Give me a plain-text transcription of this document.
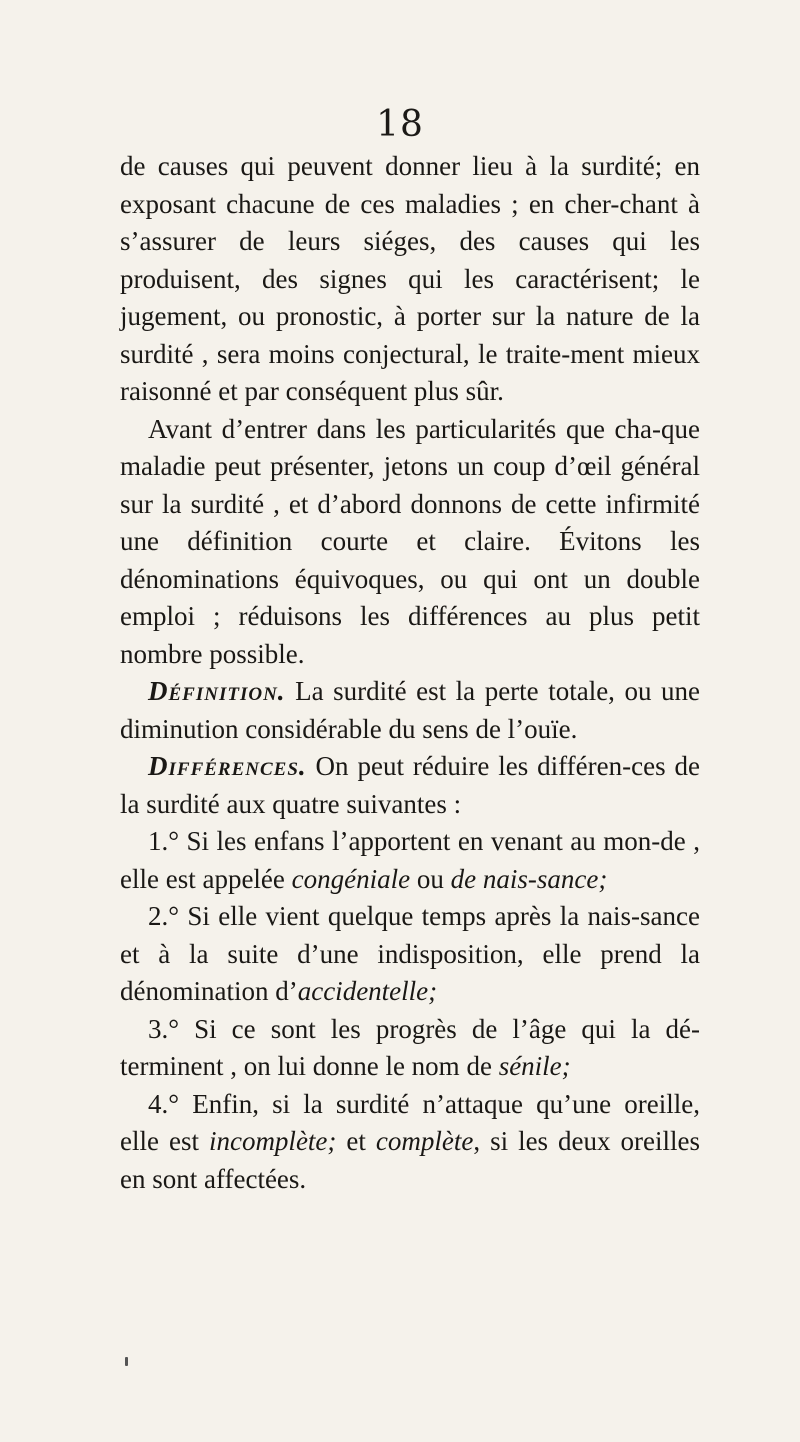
18

de causes qui peuvent donner lieu à la surdité; en exposant chacune de ces maladies ; en cher-chant à s’assurer de leurs siéges, des causes qui les produisent, des signes qui les caractérisent; le jugement, ou pronostic, à porter sur la nature de la surdité , sera moins conjectural, le traite-ment mieux raisonné et par conséquent plus sûr.

Avant d’entrer dans les particularités que cha-que maladie peut présenter, jetons un coup d’œil général sur la surdité , et d’abord donnons de cette infirmité une définition courte et claire. Évitons les dénominations équivoques, ou qui ont un double emploi ; réduisons les différences au plus petit nombre possible.

Définition. La surdité est la perte totale, ou une diminution considérable du sens de l’ouïe.

Différences. On peut réduire les différen-ces de la surdité aux quatre suivantes :

1.° Si les enfans l’apportent en venant au mon-de , elle est appelée congéniale ou de nais-sance;

2.° Si elle vient quelque temps après la nais-sance et à la suite d’une indisposition, elle prend la dénomination d’accidentelle;

3.° Si ce sont les progrès de l’âge qui la dé-terminent , on lui donne le nom de sénile;

4.° Enfin, si la surdité n’attaque qu’une oreille, elle est incomplète; et complète, si les deux oreilles en sont affectées.
